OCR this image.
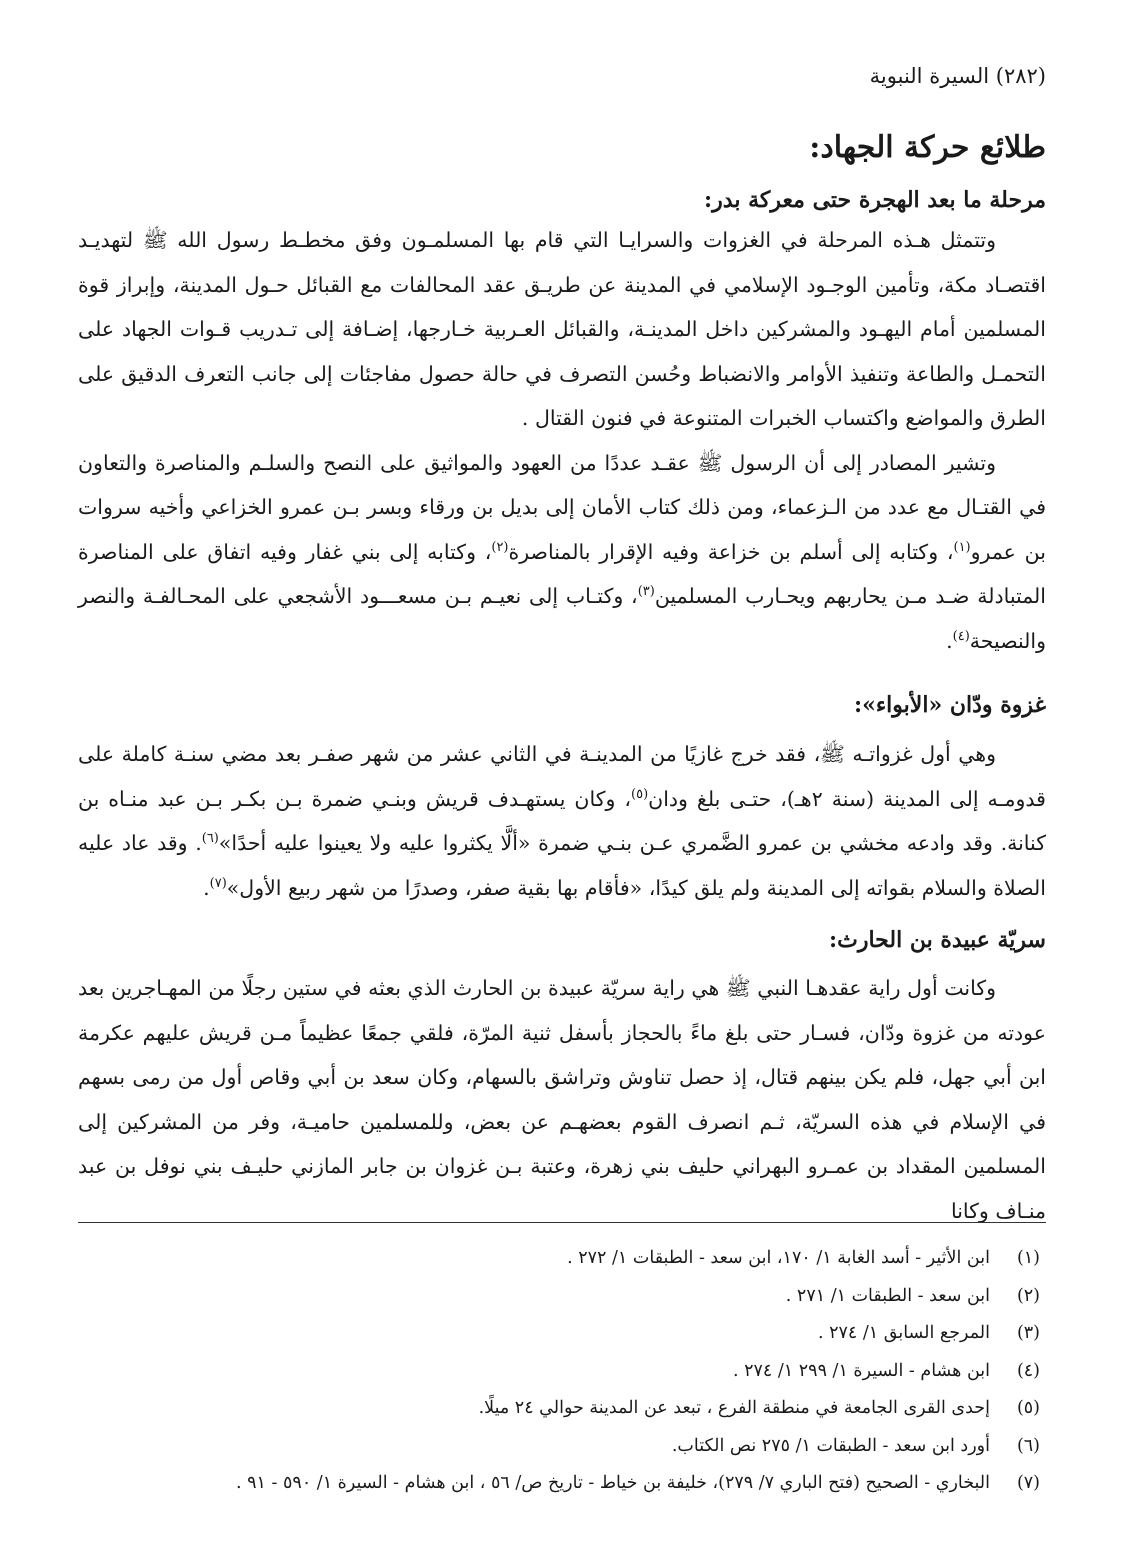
(٢٨٢) السيرة النبوية
طلائع حركة الجهاد:
مرحلة ما بعد الهجرة حتى معركة بدر:

وتتمثل هـذه المرحلة في الغزوات والسرايـا التي قام بها المسلمـون وفق مخطـط رسول الله ﷺ لتهديـد اقتصـاد مكة، وتأمين الوجـود الإسلامي في المدينة عن طريـق عقد المحالفات مع القبائل حـول المدينة، وإبراز قوة المسلمين أمام اليهـود والمشركين داخل المدينـة، والقبائل العـربية خـارجها، إضـافة إلى تـدريب قـوات الجهاد على التحمـل والطاعة وتنفيذ الأوامر والانضباط وحُسن التصرف في حالة حصول مفاجئات إلى جانب التعرف الدقيق على الطرق والمواضع واكتساب الخبرات المتنوعة في فنون القتال .

وتشير المصادر إلى أن الرسول ﷺ عقـد عددًا من العهود والمواثيق على النصح والسلـم والمناصرة والتعاون في القتـال مع عدد من الـزعماء، ومن ذلك كتاب الأمان إلى بديل بن ورقاء وبسر بـن عمرو الخزاعي وأخيه سروات بن عمرو$^{(١)}$، وكتابه إلى أسلم بن خزاعة وفيه الإقرار بالمناصرة$^{(٢)}$، وكتابه إلى بني غفار وفيه اتفاق على المناصرة المتبادلة ضـد مـن يحاربهم ويحـارب المسلمين$^{(٣)}$، وكتـاب إلى نعيـم بـن مسعـــود الأشجعي على المحـالفـة والنصر والنصيحة$^{(٤)}$.

غزوة ودّان «الأبواء»:

وهي أول غزواتـه ﷺ، فقد خرج غازيًا من المدينـة في الثاني عشر من شهر صفـر بعد مضي سنـة كاملة على قدومـه إلى المدينة (سنة ٢هـ)، حتـى بلغ ودان$^{(٥)}$، وكان يستهـدف قريش وبنـي ضمرة بـن بكـر بـن عبد منـاه بن كنانة. وقد وادعه مخشي بن عمرو الضَّمري عـن بنـي ضمرة «ألَّا يكثروا عليه ولا يعينوا عليه أحدًا»$^{(٦)}$. وقد عاد عليه الصلاة والسلام بقواته إلى المدينة ولم يلق كيدًا، «فأقام بها بقية صفر، وصدرًا من شهر ربيع الأول»$^{(٧)}$.

سريّة عبيدة بن الحارث:

وكانت أول راية عقدهـا النبي ﷺ هي راية سريّة عبيدة بن الحارث الذي بعثه في ستين رجلًا من المهـاجرين بعد عودته من غزوة ودّان، فسـار حتى بلغ ماءً بالحجاز بأسفل ثنية المرّة، فلقي جمعًا عظيماً مـن قريش عليهم عكرمة ابن أبي جهل، فلم يكن بينهم قتال، إذ حصل تناوش وتراشق بالسهام، وكان سعد بن أبي وقاص أول من رمى بسهم في الإسلام في هذه السريّة، ثـم انصرف القوم بعضهـم عن بعض، وللمسلمين حاميـة، وفر من المشركين إلى المسلمين المقداد بن عمـرو البهراني حليف بني زهرة، وعتبة بـن غزوان بن جابر المازني حليـف بني نوفل بن عبد منـاف وكانا

(١)
ابن الأثير - أسد الغابة ١/ ١٧٠، ابن سعد - الطبقات ١/ ٢٧٢ .
(٢)
ابن سعد - الطبقات ١/ ٢٧١ .
(٣)
المرجع السابق ١/ ٢٧٤ .
(٤)
ابن هشام - السيرة ١/ ٢٩٩ ١/ ٢٧٤ .
(٥)
إحدى القرى الجامعة في منطقة الفرع ، تبعد عن المدينة حوالي ٢٤ ميلًا.
(٦)
أورد ابن سعد - الطبقات ١/ ٢٧٥ نص الكتاب.
(٧)
البخاري - الصحيح (فتح الباري ٧/ ٢٧٩)، خليفة بن خياط - تاريخ ص/ ٥٦ ، ابن هشام - السيرة ١/ ٥٩٠ - ٩١ .
